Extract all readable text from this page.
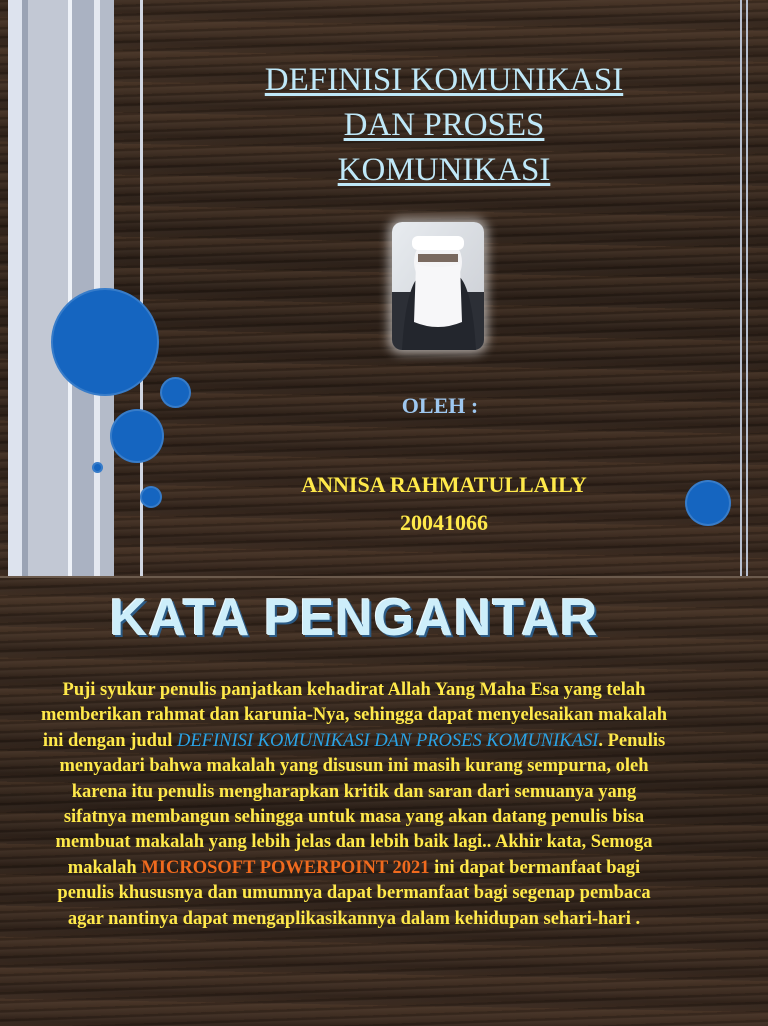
DEFINISI KOMUNIKASI
DAN PROSES
KOMUNIKASI
OLEH :
ANNISA RAHMATULLAILY
20041066
KATA PENGANTAR
Puji syukur penulis panjatkan kehadirat Allah Yang Maha Esa yang telah memberikan rahmat dan karunia-Nya, sehingga dapat menyelesaikan makalah ini dengan judul DEFINISI KOMUNIKASI DAN PROSES KOMUNIKASI. Penulis menyadari bahwa makalah yang disusun ini masih kurang sempurna, oleh karena itu penulis mengharapkan kritik dan saran dari semuanya yang sifatnya membangun sehingga untuk masa yang akan datang penulis bisa membuat makalah yang lebih jelas dan lebih baik lagi.. Akhir kata, Semoga makalah MICROSOFT POWERPOINT 2021 ini dapat bermanfaat bagi penulis khususnya dan umumnya dapat bermanfaat bagi segenap pembaca agar nantinya dapat mengaplikasikannya dalam kehidupan sehari-hari .
